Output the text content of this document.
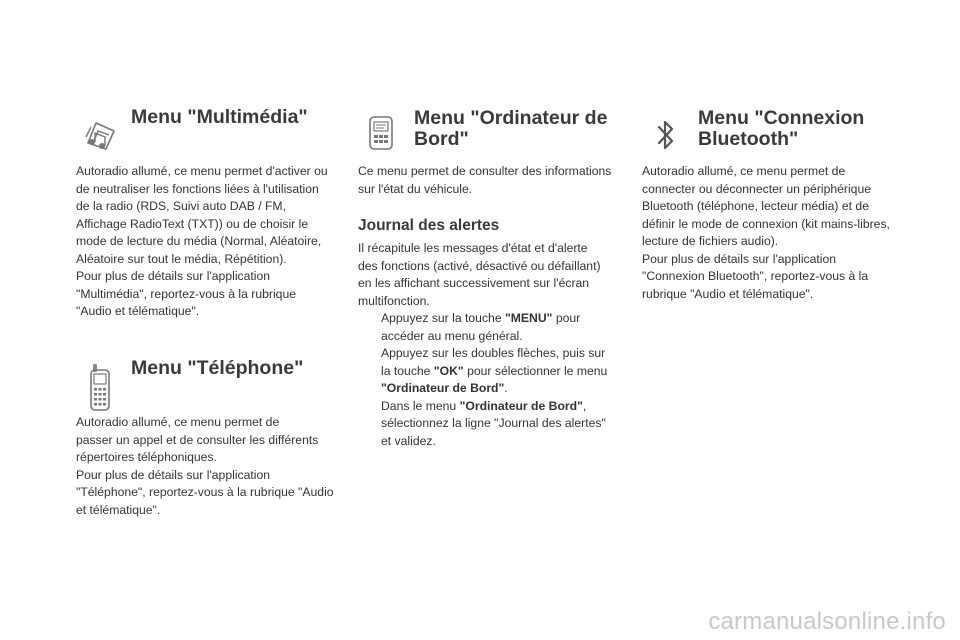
Menu "Multimédia"
Autoradio allumé, ce menu permet d'activer ou
de neutraliser les fonctions liées à l'utilisation
de la radio (RDS, Suivi auto DAB / FM,
Affichage RadioText (TXT)) ou de choisir le
mode de lecture du média (Normal, Aléatoire,
Aléatoire sur tout le média, Répétition).
Pour plus de détails sur l'application
"Multimédia", reportez-vous à la rubrique
"Audio et télématique".
Menu "Téléphone"
Autoradio allumé, ce menu permet de
passer un appel et de consulter les différents
répertoires téléphoniques.
Pour plus de détails sur l'application
"Téléphone", reportez-vous à la rubrique "Audio
et télématique".
Menu "Ordinateur de
Bord"
Ce menu permet de consulter des informations
sur l'état du véhicule.
Journal des alertes
Il récapitule les messages d'état et d'alerte
des fonctions (activé, désactivé ou défaillant)
en les affichant successivement sur l'écran
multifonction.
Appuyez sur la touche "MENU" pour
accéder au menu général.
Appuyez sur les doubles flèches, puis sur
la touche "OK" pour sélectionner le menu
"Ordinateur de Bord".
Dans le menu "Ordinateur de Bord",
sélectionnez la ligne "Journal des alertes"
et validez.
Menu "Connexion
Bluetooth"
Autoradio allumé, ce menu permet de
connecter ou déconnecter un périphérique
Bluetooth (téléphone, lecteur média) et de
définir le mode de connexion (kit mains-libres,
lecture de fichiers audio).
Pour plus de détails sur l'application
"Connexion Bluetooth", reportez-vous à la
rubrique "Audio et télématique".
carmanualsonline.info
